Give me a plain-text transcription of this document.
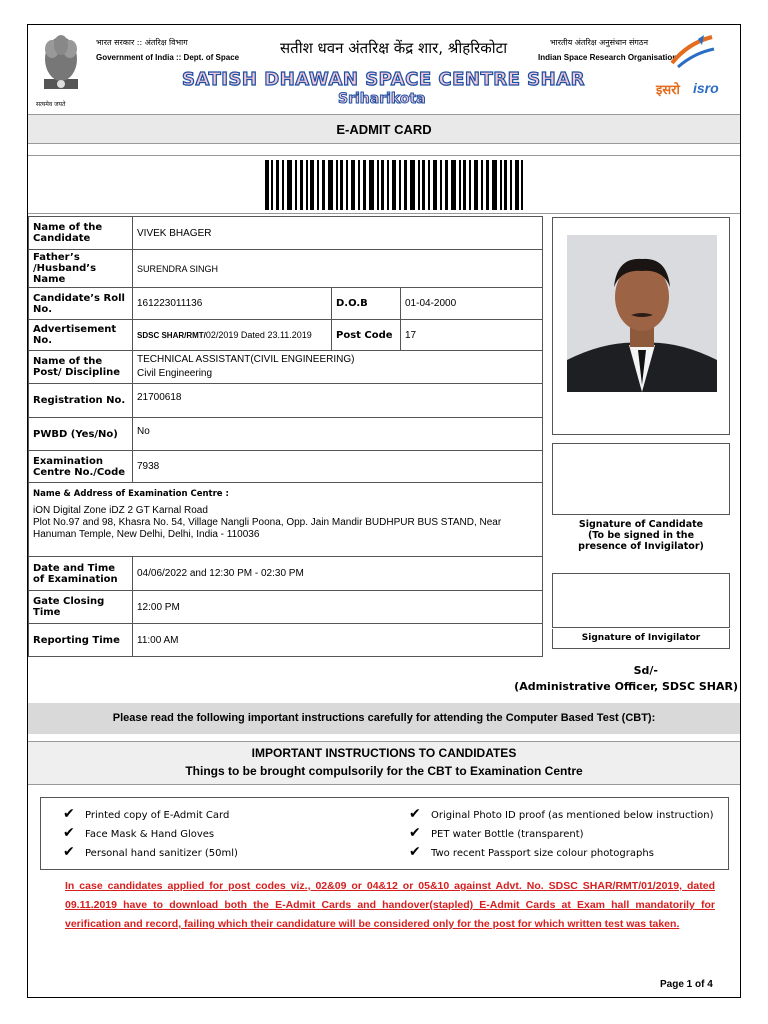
सत्यमेव जयते
भारत सरकार :: अंतरिक्ष विभाग
Government of India :: Dept. of Space
सतीश धवन अंतरिक्ष केंद्र शार, श्रीहरिकोटा	भारतीय अंतरिक्ष अनुसंधान संगठन
Indian Space Research Organisation
SATISH DHAWAN SPACE CENTRE SHAR
Sriharikota
इसरो isro
E-ADMIT CARD
Name of the Candidate	VIVEK BHAGER		
Father’s /Husband’s Name	SURENDRA SINGH		
Candidate’s Roll No.	161223011136	D.O.B	01-04-2000
Advertisement No.	SDSC SHAR/RMT/02/2019 Dated 23.11.2019	Post Code	17
Name of the Post/ Discipline	TECHNICAL ASSISTANT(CIVIL ENGINEERING)
Civil Engineering		

Registration No.	21700618		
PWBD (Yes/No)	No		
Examination Centre No./Code	7938		

Name & Address of Examination Centre :
iON Digital Zone iDZ 2 GT Karnal Road
Plot No.97 and 98, Khasra No. 54, Village Nangli Poona, Opp. Jain Mandir BUDHPUR BUS STAND, Near Hanuman Temple, New Delhi, Delhi, India - 110036			

Date and Time of Examination	04/06/2022 and 12:30 PM - 02:30 PM		
Gate Closing Time	12:00 PM		
Reporting Time	11:00 AM		
Signature of Candidate
(To be signed in the
presence of Invigilator)
Signature of Invigilator
Sd/-
(Administrative Officer, SDSC SHAR)
Please read the following important instructions carefully for attending the Computer Based Test (CBT):
IMPORTANT INSTRUCTIONS TO CANDIDATES
Things to be brought compulsorily for the CBT to Examination Centre
✔ Printed copy of E-Admit Card
✔ Face Mask & Hand Gloves
✔ Personal hand sanitizer (50ml)
✔ Original Photo ID proof (as mentioned below instruction)
✔ PET water Bottle (transparent)
✔ Two recent Passport size colour photographs
In case candidates applied for post codes viz., 02&09 or 04&12 or 05&10 against Advt. No. SDSC SHAR/RMT/01/2019, dated 09.11.2019 have to download both the E-Admit Cards and handover(stapled) E-Admit Cards at Exam hall mandatorily for verification and record, failing which their candidature will be considered only for the post for which written test was taken.
Page 1 of 4
